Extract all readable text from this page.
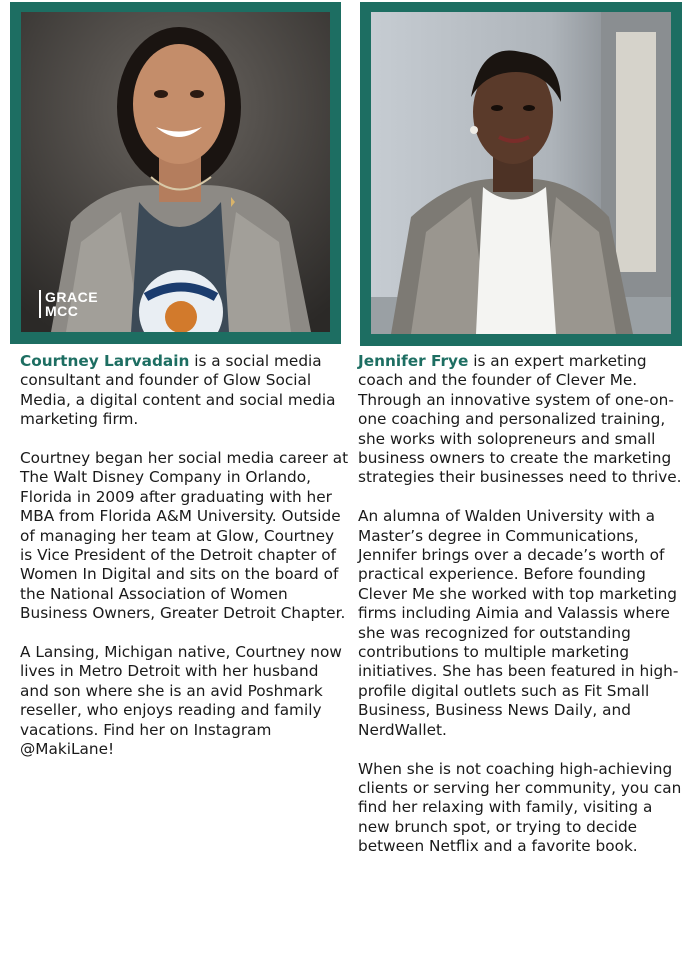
GRACE
MCC

Courtney Larvadain is a social media consultant and founder of Glow Social Media, a digital content and social media marketing firm.

Courtney began her social media career at The Walt Disney Company in Orlando, Florida in 2009 after graduating with her MBA from Florida A&M University. Outside of managing her team at Glow, Courtney is Vice President of the Detroit chapter of Women In Digital and sits on the board of the National Association of Women Business Owners, Greater Detroit Chapter.

A Lansing, Michigan native, Courtney now lives in Metro Detroit with her husband and son where she is an avid Poshmark reseller, who enjoys reading and family vacations. Find her on Instagram @MakiLane!

Jennifer Frye is an expert marketing coach and the founder of Clever Me. Through an innovative system of one-on-one coaching and personalized training, she works with solopreneurs and small business owners to create the marketing strategies their businesses need to thrive.

An alumna of Walden University with a Master’s degree in Communications, Jennifer brings over a decade’s worth of practical experience. Before founding Clever Me she worked with top marketing firms including Aimia and Valassis where she was recognized for outstanding contributions to multiple marketing initiatives. She has been featured in high-profile digital outlets such as Fit Small Business, Business News Daily, and NerdWallet.

When she is not coaching high-achieving clients or serving her community, you can find her relaxing with family, visiting a new brunch spot, or trying to decide between Netflix and a favorite book.
